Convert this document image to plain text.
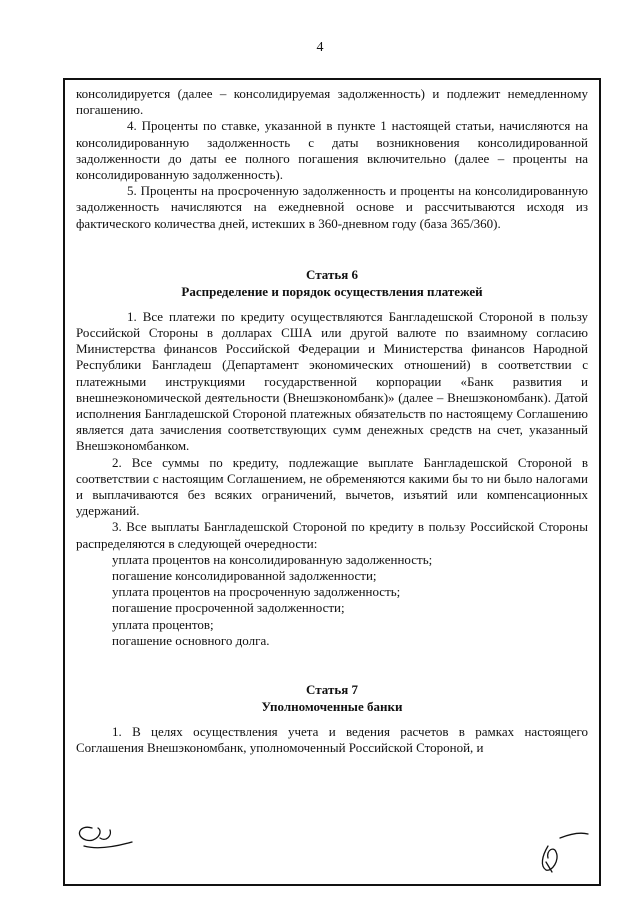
4

консолидируется (далее – консолидируемая задолженность) и подлежит немедленному погашению.

4. Проценты по ставке, указанной в пункте 1 настоящей статьи, начисляются на консолидированную задолженность с даты возникновения консолидированной задолженности до даты ее полного погашения включительно (далее – проценты на консолидированную задолженность).

5. Проценты на просроченную задолженность и проценты на консолидированную задолженность начисляются на ежедневной основе и рассчитываются исходя из фактического количества дней, истекших в 360-дневном году (база 365/360).

Статья 6
Распределение и порядок осуществления платежей

1. Все платежи по кредиту осуществляются Бангладешской Стороной в пользу Российской Стороны в долларах США или другой валюте по взаимному согласию Министерства финансов Российской Федерации и Министерства финансов Народной Республики Бангладеш (Департамент экономических отношений) в соответствии с платежными инструкциями государственной корпорации «Банк развития и внешнеэкономической деятельности (Внешэкономбанк)» (далее – Внешэкономбанк). Датой исполнения Бангладешской Стороной платежных обязательств по настоящему Соглашению является дата зачисления соответствующих сумм денежных средств на счет, указанный Внешэкономбанком.

2. Все суммы по кредиту, подлежащие выплате Бангладешской Стороной в соответствии с настоящим Соглашением, не обременяются какими бы то ни было налогами и выплачиваются без всяких ограничений, вычетов, изъятий или компенсационных удержаний.

3. Все выплаты Бангладешской Стороной по кредиту в пользу Российской Стороны распределяются в следующей очередности:

уплата процентов на консолидированную задолженность;

погашение консолидированной задолженности;

уплата процентов на просроченную задолженность;

погашение просроченной задолженности;

уплата процентов;

погашение основного долга.

Статья 7
Уполномоченные банки

1. В целях осуществления учета и ведения расчетов в рамках настоящего Соглашения Внешэкономбанк, уполномоченный Российской Стороной, и
